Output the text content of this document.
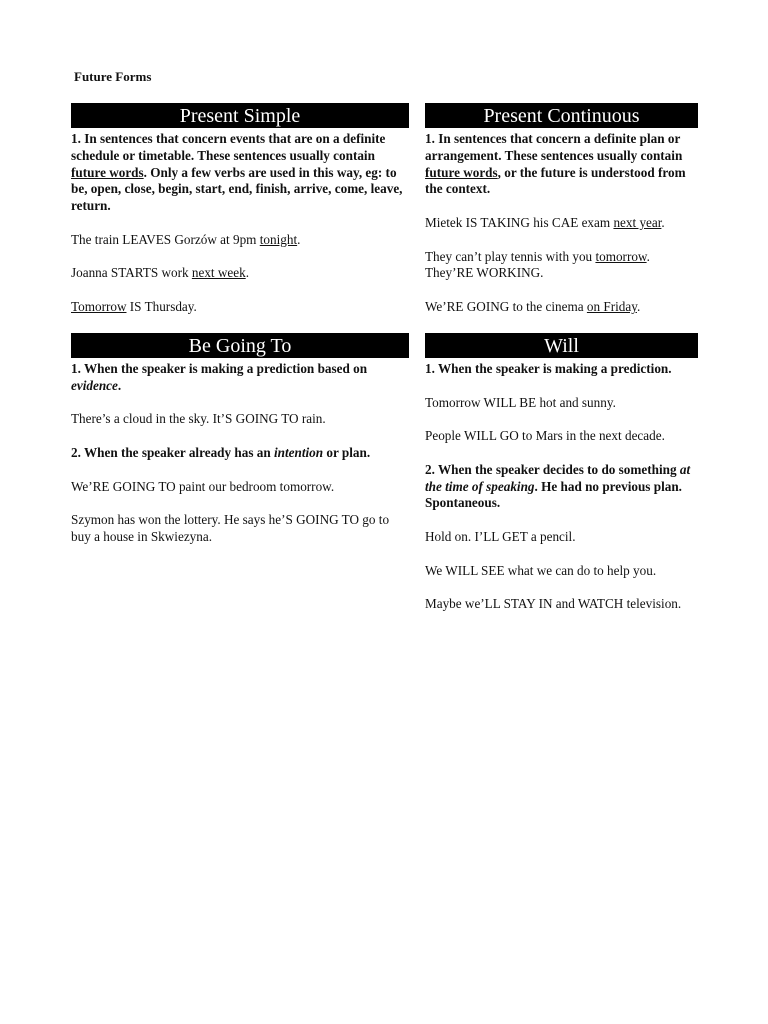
Future Forms
Present Simple

1. In sentences that concern events that are on a definite schedule or timetable. These sentences usually contain future words. Only a few verbs are used in this way, eg: to be, open, close, begin, start, end, finish, arrive, come, leave, return.

The train LEAVES Gorzów at 9pm tonight.

Joanna STARTS work next week.

Tomorrow IS Thursday.

Present Continuous

1. In sentences that concern a definite plan or arrangement. These sentences usually contain future words, or the future is understood from the context.

Mietek IS TAKING his CAE exam next year.

They can’t play tennis with you tomorrow. They’RE WORKING.

We’RE GOING to the cinema on Friday.

Be Going To

1. When the speaker is making a prediction based on evidence.

There’s a cloud in the sky. It’S GOING TO rain.

2. When the speaker already has an intention or plan.

We’RE GOING TO paint our bedroom tomorrow.

Szymon has won the lottery. He says he’S GOING TO go to buy a house in Skwiezyna.

Will

1. When the speaker is making a prediction.

Tomorrow WILL BE hot and sunny.

People WILL GO to Mars in the next decade.

2. When the speaker decides to do something at the time of speaking. He had no previous plan. Spontaneous.

Hold on. I’LL GET a pencil.

We WILL SEE what we can do to help you.

Maybe we’LL STAY IN and WATCH television.
